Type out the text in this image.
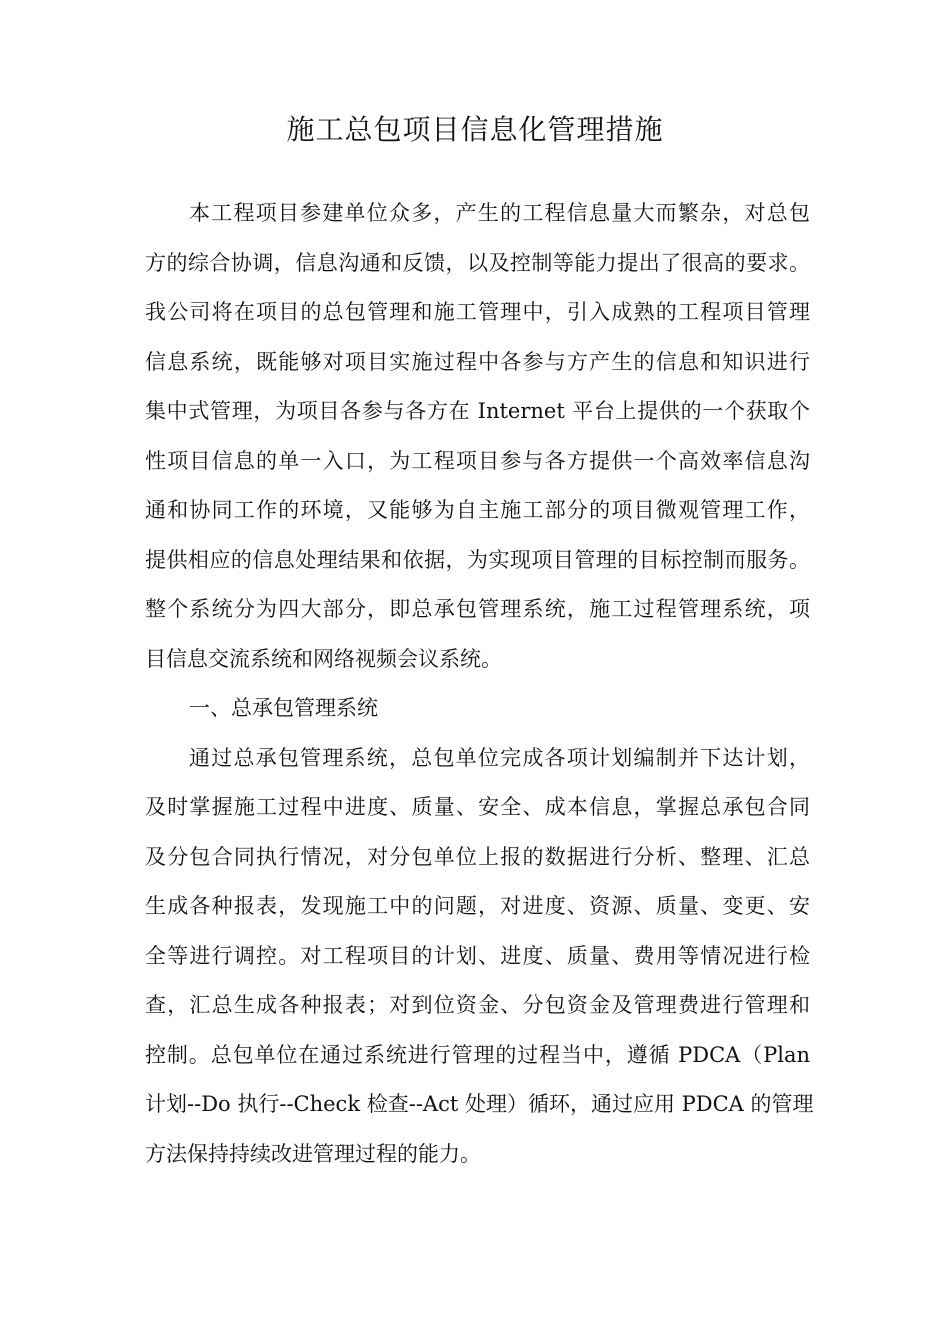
施工总包项目信息化管理措施
本工程项目参建单位众多，产生的工程信息量大而繁杂，对总包
方的综合协调，信息沟通和反馈，以及控制等能力提出了很高的要求。
我公司将在项目的总包管理和施工管理中，引入成熟的工程项目管理
信息系统，既能够对项目实施过程中各参与方产生的信息和知识进行
集中式管理，为项目各参与各方在 Internet 平台上提供的一个获取个
性项目信息的单一入口，为工程项目参与各方提供一个高效率信息沟
通和协同工作的环境，又能够为自主施工部分的项目微观管理工作，
提供相应的信息处理结果和依据，为实现项目管理的目标控制而服务。
整个系统分为四大部分，即总承包管理系统，施工过程管理系统，项
目信息交流系统和网络视频会议系统。
一、总承包管理系统
通过总承包管理系统，总包单位完成各项计划编制并下达计划，
及时掌握施工过程中进度、质量、安全、成本信息，掌握总承包合同
及分包合同执行情况，对分包单位上报的数据进行分析、整理、汇总
生成各种报表，发现施工中的问题，对进度、资源、质量、变更、安
全等进行调控。对工程项目的计划、进度、质量、费用等情况进行检
查，汇总生成各种报表；对到位资金、分包资金及管理费进行管理和
控制。总包单位在通过系统进行管理的过程当中，遵循 PDCA（Plan
计划--Do 执行--Check 检查--Act 处理）循环，通过应用 PDCA 的管理
方法保持持续改进管理过程的能力。
